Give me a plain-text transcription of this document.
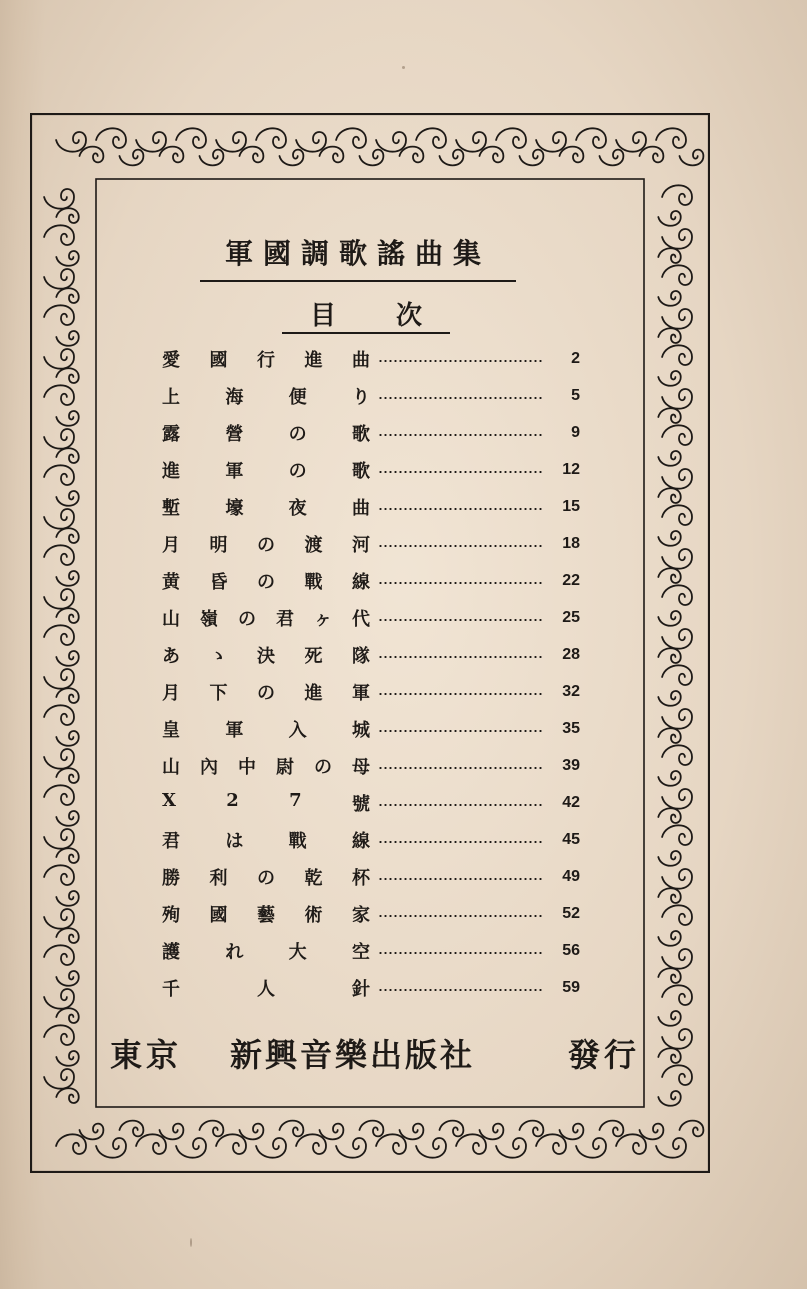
軍國調歌謠曲集
目 次
愛 國 行 進 曲	2
上	海	便	り	5
露	營	の	歌	9
進	軍	の	歌	12
塹	壕	夜	曲	15
月 明 の 渡 河	18
黄 昏 の 戰 線	22
山 嶺 の 君 ヶ 代	25
あ ゝ 決 死 隊	28
月 下 の 進 軍	32
皇	軍	入	城	35
山 內 中 尉 の 母	39
X	2	7	號	42
君	は	戰	線	45
勝 利 の 乾 杯	49
殉 國 藝 術 家	52
護	れ	大	空	56
千	人	針	59
東京	新興音樂出版社	發行
